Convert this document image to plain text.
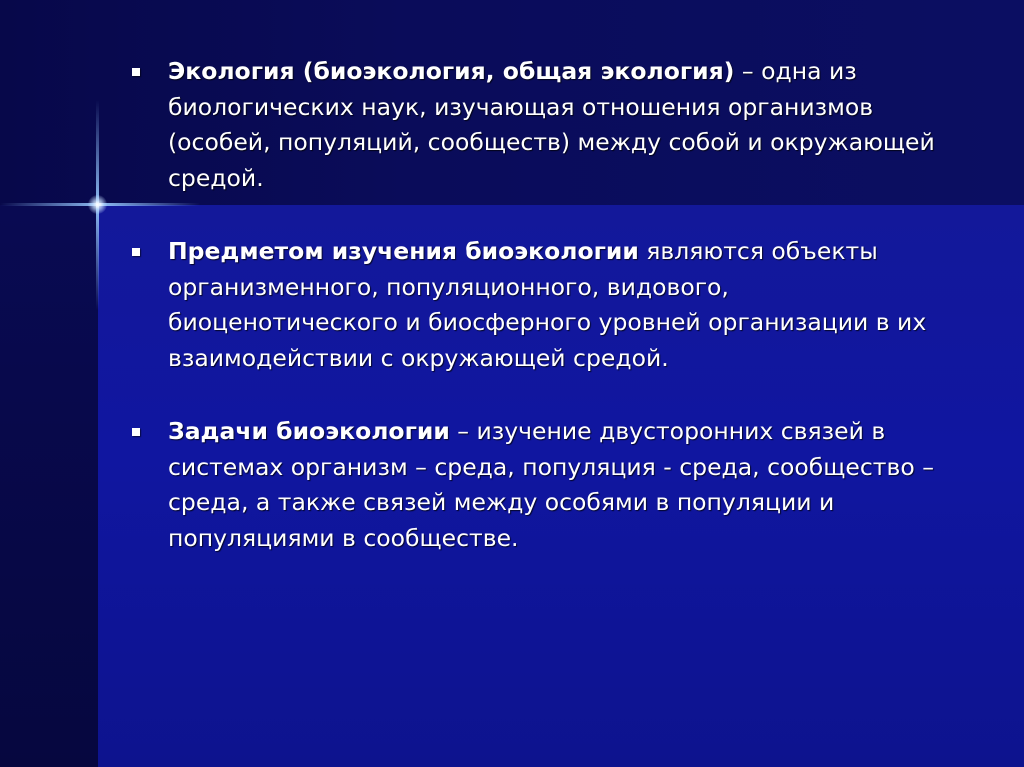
Экология (биоэкология, общая экология) – одна из биологических наук, изучающая отношения организмов (особей, популяций, сообществ) между собой и окружающей средой.
Предметом изучения биоэкологии являются объекты организменного, популяционного, видового, биоценотического и биосферного уровней организации в их взаимодействии с окружающей средой.
Задачи биоэкологии – изучение двусторонних связей в системах организм – среда, популяция - среда, сообщество – среда, а также связей между особями в популяции и популяциями в сообществе.
